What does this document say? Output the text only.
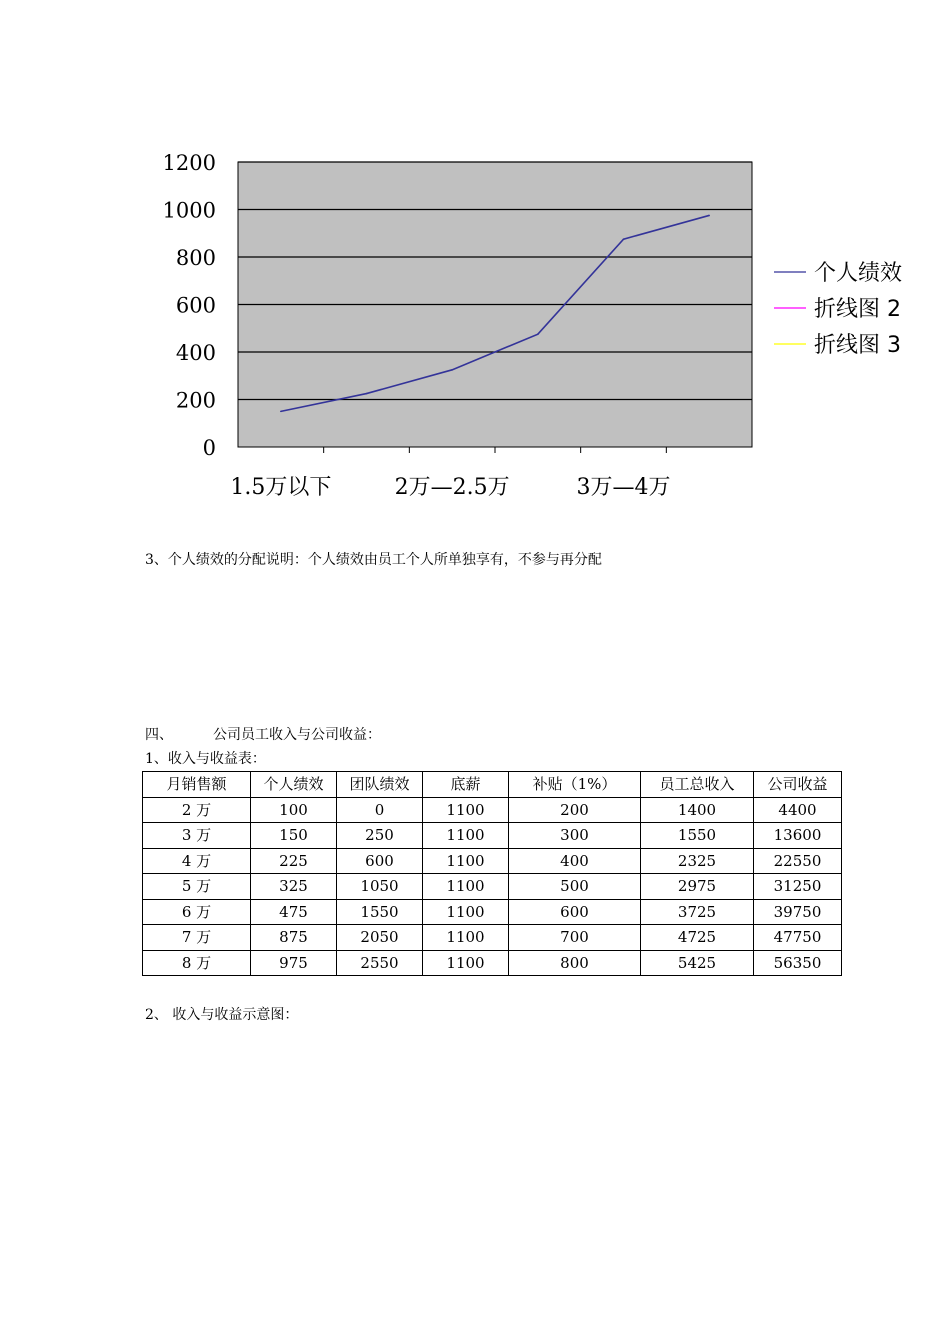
0
200
400
600
800
1000
1200
1.5万以下	2万—2.5万	3万—4万
个人绩效
折线图 2
折线图 3
3、个人绩效的分配说明：个人绩效由员工个人所单独享有，不参与再分配
四、	公司员工收入与公司收益：
1、收入与收益表：
月销售额	个人绩效	团队绩效	底薪	补贴（1%）	员工总收入	公司收益
2 万	100	0	1100	200	1400	4400
3 万	150	250	1100	300	1550	13600
4 万	225	600	1100	400	2325	22550
5 万	325	1050	1100	500	2975	31250
6 万	475	1550	1100	600	3725	39750
7 万	875	2050	1100	700	4725	47750
8 万	975	2550	1100	800	5425	56350
2、 收入与收益示意图：
